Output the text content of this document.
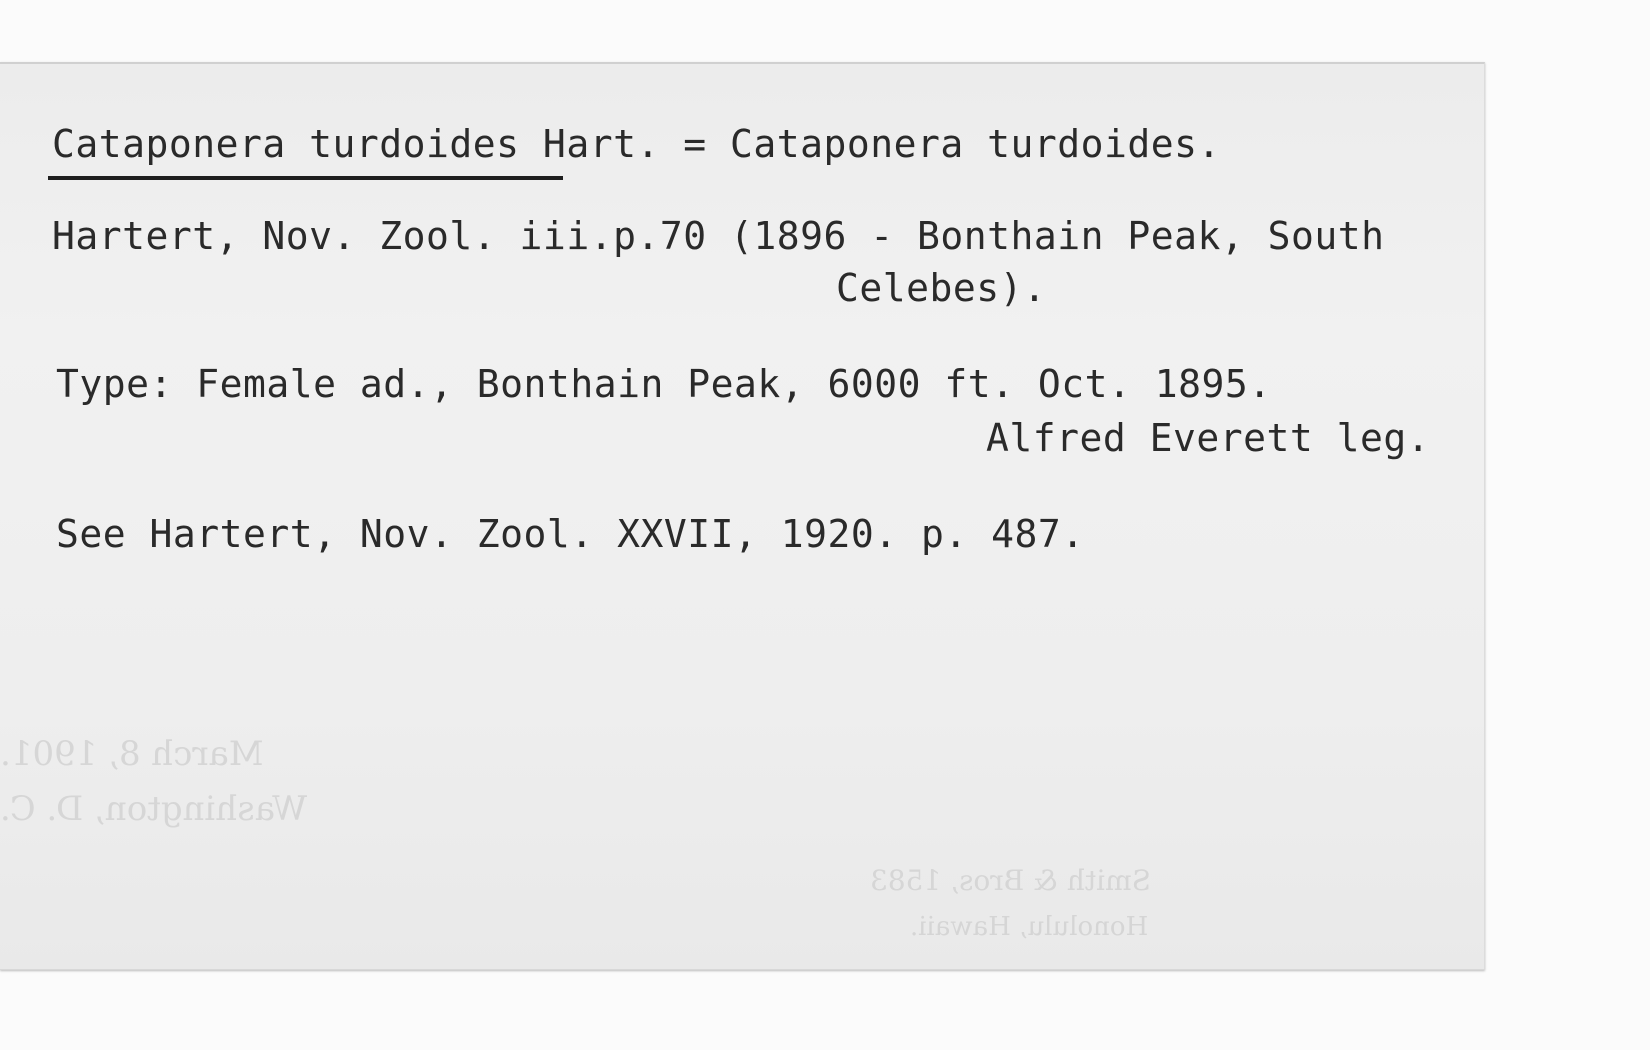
March 8, 1901.
Washington, D. C.
Smith & Bros, 1583
Honolulu, Hawaii.
Cataponera turdoides Hart. = Cataponera turdoides.
Hartert, Nov. Zool. iii.p.70 (1896 - Bonthain Peak, South
Celebes).
Type: Female ad., Bonthain Peak, 6000 ft. Oct. 1895.
Alfred Everett leg.
See Hartert, Nov. Zool. XXVII, 1920. p. 487.
